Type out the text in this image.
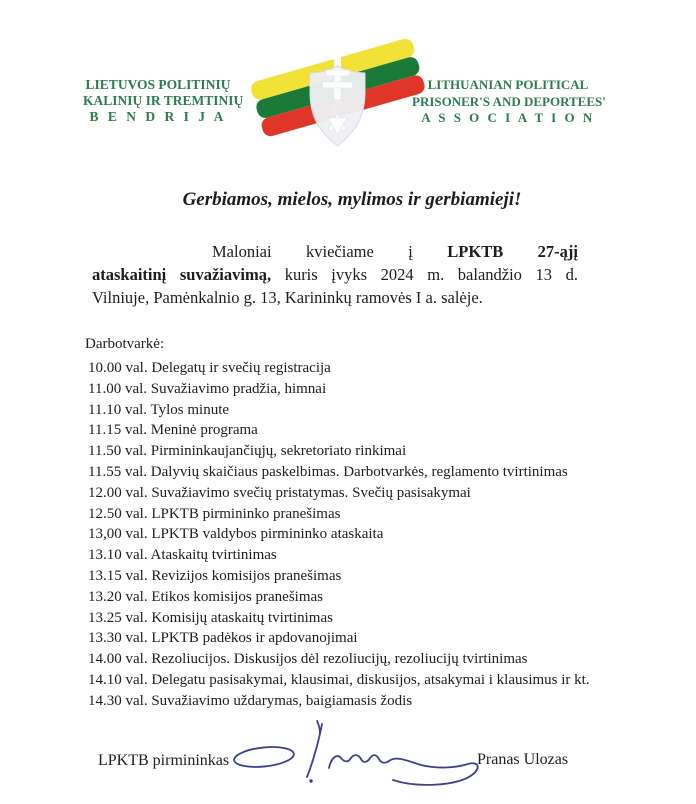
LIETUVOS POLITINIŲ
KALINIŲ IR TREMTINIŲ
B E N D R I J A
LITHUANIAN POLITICAL
PRISONER'S AND DEPORTEES'
A S S O C I A T I O N
Gerbiamos, mielos, mylimos ir gerbiamieji!
Maloniai kviečiame į LPKTB 27-ąjį
ataskaitinį suvažiavimą, kuris įvyks 2024 m. balandžio 13 d.
Vilniuje, Pamėnkalnio g. 13, Karininkų ramovės I a. salėje.
Darbotvarkė:
10.00 val. Delegatų ir svečių registracija
11.00 val. Suvažiavimo pradžia, himnai
11.10 val. Tylos minute
11.15 val. Meninė programa
11.50 val. Pirmininkaujančiųjų, sekretoriato rinkimai
11.55 val. Dalyvių skaičiaus paskelbimas. Darbotvarkės, reglamento tvirtinimas
12.00 val. Suvažiavimo svečių pristatymas. Svečių pasisakymai
12.50 val. LPKTB pirmininko pranešimas
13,00 val. LPKTB valdybos pirmininko ataskaita
13.10 val. Ataskaitų tvirtinimas
13.15 val. Revizijos komisijos pranešimas
13.20 val. Etikos komisijos pranešimas
13.25 val. Komisijų ataskaitų tvirtinimas
13.30 val. LPKTB padėkos ir apdovanojimai
14.00 val. Rezoliucijos. Diskusijos dėl rezoliucijų, rezoliucijų tvirtinimas
14.10 val. Delegatu pasisakymai, klausimai, diskusijos, atsakymai i klausimus ir kt.
14.30 val. Suvažiavimo uždarymas, baigiamasis žodis
LPKTB pirmininkas	Pranas Ulozas
